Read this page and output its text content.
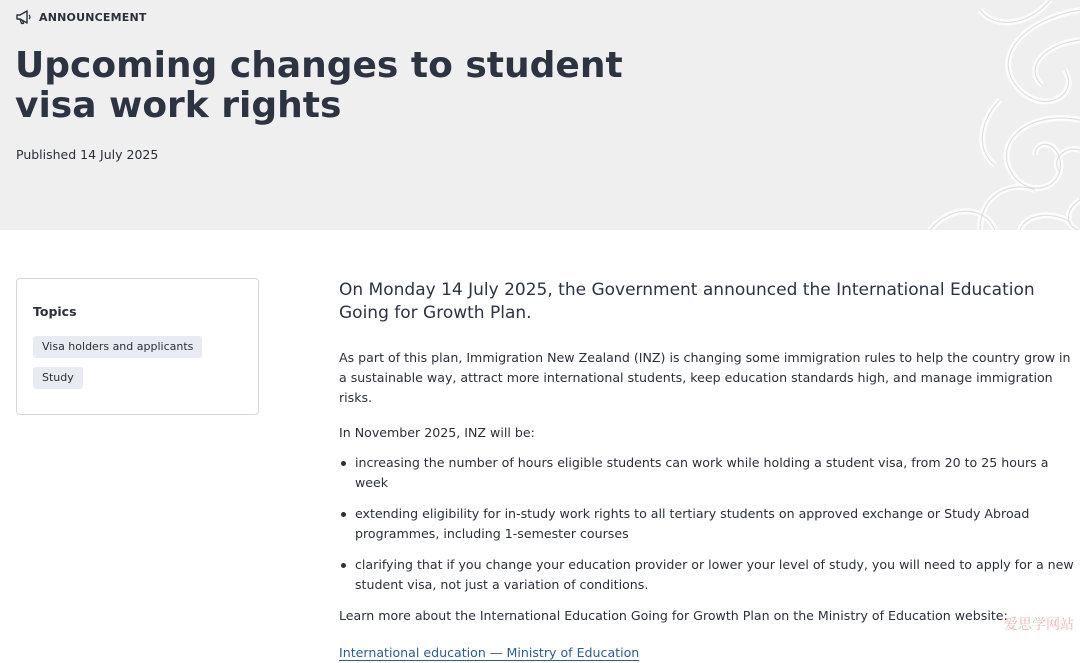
ANNOUNCEMENT
Upcoming changes to student visa work rights
Published 14 July 2025
Topics
Visa holders and applicants
Study

On Monday 14 July 2025, the Government announced the International Education Going for Growth Plan.

As part of this plan, Immigration New Zealand (INZ) is changing some immigration rules to help the country grow in a sustainable way, attract more international students, keep education standards high, and manage immigration risks.

In November 2025, INZ will be:

increasing the number of hours eligible students can work while holding a student visa, from 20 to 25 hours a week
extending eligibility for in-study work rights to all tertiary students on approved exchange or Study Abroad programmes, including 1-semester courses
clarifying that if you change your education provider or lower your level of study, you will need to apply for a new student visa, not just a variation of conditions.

Learn more about the International Education Going for Growth Plan on the Ministry of Education website:

International education — Ministry of Education
爱思学网站
